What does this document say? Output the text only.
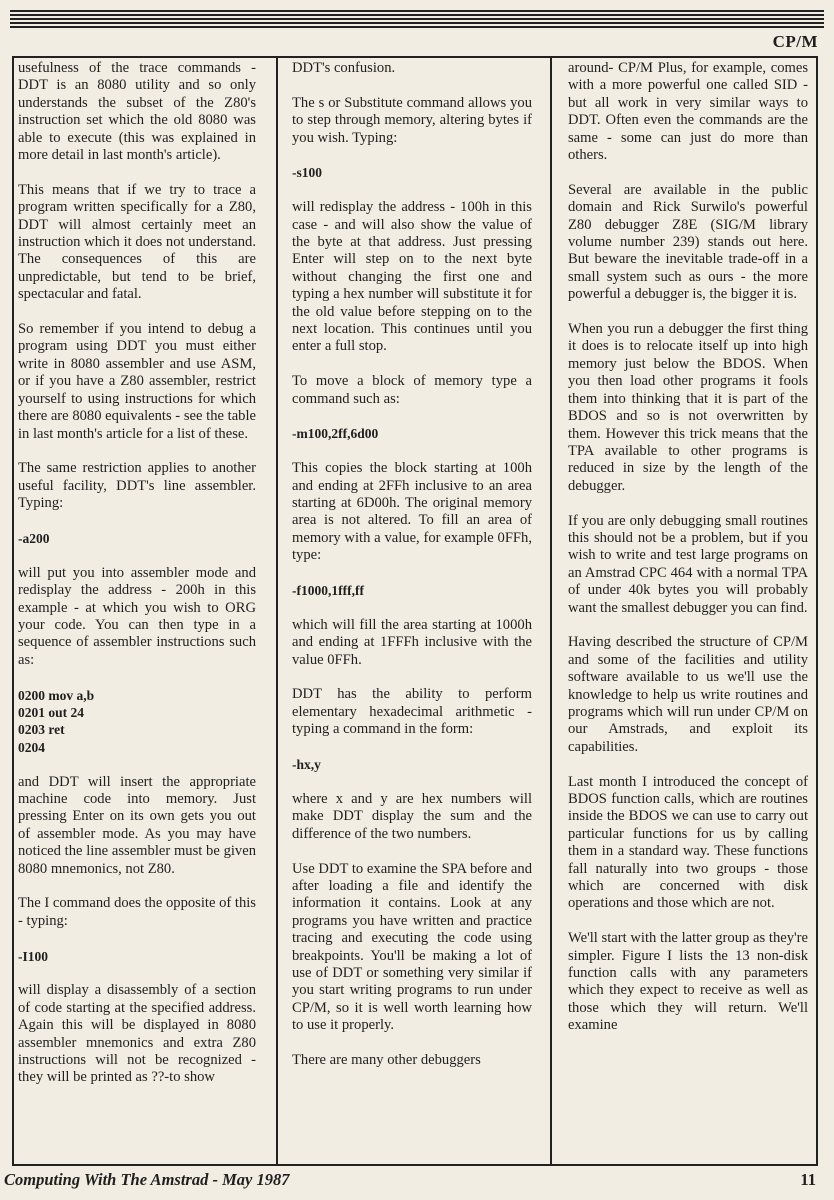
CP/M

usefulness of the trace commands - DDT is an 8080 utility and so only understands the subset of the Z80's instruction set which the old 8080 was able to execute (this was explained in more detail in last month's article).

This means that if we try to trace a program written specifically for a Z80, DDT will almost certainly meet an instruction which it does not understand. The consequences of this are unpredictable, but tend to be brief, spectacular and fatal.

So remember if you intend to debug a program using DDT you must either write in 8080 assembler and use ASM, or if you have a Z80 assembler, restrict yourself to using instructions for which there are 8080 equivalents - see the table in last month's article for a list of these.

The same restriction applies to another useful facility, DDT's line assembler. Typing:

-a200

will put you into assembler mode and redisplay the address - 200h in this example - at which you wish to ORG your code. You can then type in a sequence of assembler instructions such as:

0200 mov a,b
0201 out 24
0203 ret
0204

and DDT will insert the appropriate machine code into memory. Just pressing Enter on its own gets you out of assembler mode. As you may have noticed the line assembler must be given 8080 mnemonics, not Z80.

The I command does the opposite of this - typing:

-I100

will display a disassembly of a section of code starting at the specified address. Again this will be displayed in 8080 assembler mnemonics and extra Z80 instructions will not be recognized - they will be printed as ??-to show

DDT's confusion.

The s or Substitute command allows you to step through memory, altering bytes if you wish. Typing:

-s100

will redisplay the address - 100h in this case - and will also show the value of the byte at that address. Just pressing Enter will step on to the next byte without changing the first one and typing a hex number will substitute it for the old value before stepping on to the next location. This continues until you enter a full stop.

To move a block of memory type a command such as:

-m100,2ff,6d00

This copies the block starting at 100h and ending at 2FFh inclusive to an area starting at 6D00h. The original memory area is not altered. To fill an area of memory with a value, for example 0FFh, type:

-f1000,1fff,ff

which will fill the area starting at 1000h and ending at 1FFFh inclusive with the value 0FFh.

DDT has the ability to perform elementary hexadecimal arithmetic - typing a command in the form:

-hx,y

where x and y are hex numbers will make DDT display the sum and the difference of the two numbers.

Use DDT to examine the SPA before and after loading a file and identify the information it contains. Look at any programs you have written and practice tracing and executing the code using breakpoints. You'll be making a lot of use of DDT or something very similar if you start writing programs to run under CP/M, so it is well worth learning how to use it properly.

There are many other debuggers

around- CP/M Plus, for example, comes with a more powerful one called SID - but all work in very similar ways to DDT. Often even the commands are the same - some can just do more than others.

Several are available in the public domain and Rick Surwilo's powerful Z80 debugger Z8E (SIG/M library volume number 239) stands out here. But beware the inevitable trade-off in a small system such as ours - the more powerful a debugger is, the bigger it is.

When you run a debugger the first thing it does is to relocate itself up into high memory just below the BDOS. When you then load other programs it fools them into thinking that it is part of the BDOS and so is not overwritten by them. However this trick means that the TPA available to other programs is reduced in size by the length of the debugger.

If you are only debugging small routines this should not be a problem, but if you wish to write and test large programs on an Amstrad CPC 464 with a normal TPA of under 40k bytes you will probably want the smallest debugger you can find.

Having described the structure of CP/M and some of the facilities and utility software available to us we'll use the knowledge to help us write routines and programs which will run under CP/M on our Amstrads, and exploit its capabilities.

Last month I introduced the concept of BDOS function calls, which are routines inside the BDOS we can use to carry out particular functions for us by calling them in a standard way. These functions fall naturally into two groups - those which are concerned with disk operations and those which are not.

We'll start with the latter group as they're simpler. Figure I lists the 13 non-disk function calls with any parameters which they expect to receive as well as those which they will return. We'll examine

Computing With The Amstrad - May 1987	11
